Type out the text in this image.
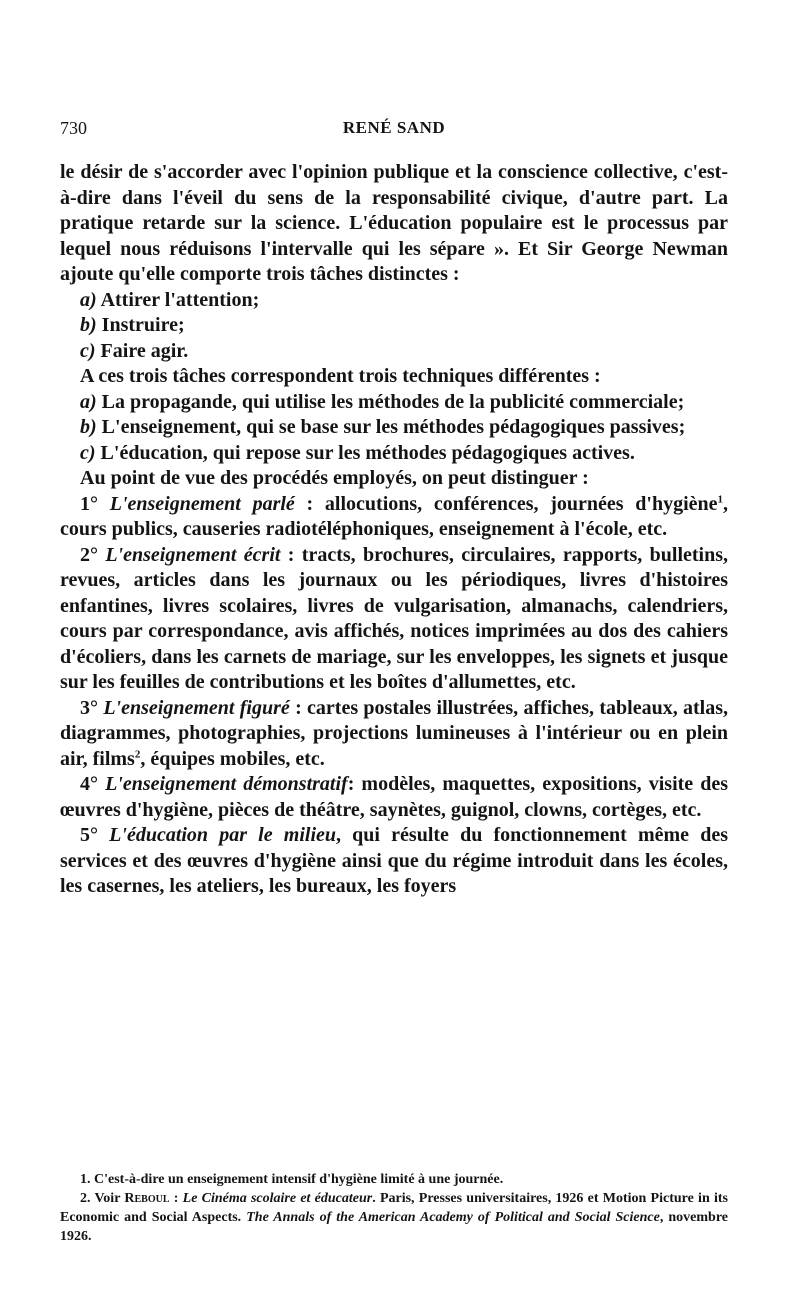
730	RENÉ SAND

le désir de s'accorder avec l'opinion publique et la conscience collective, c'est-à-dire dans l'éveil du sens de la responsabilité civique, d'autre part. La pratique retarde sur la science. L'éducation populaire est le processus par lequel nous réduisons l'intervalle qui les sépare ». Et Sir George Newman ajoute qu'elle comporte trois tâches distinctes :

a) Attirer l'attention;

b) Instruire;

c) Faire agir.

A ces trois tâches correspondent trois techniques différentes :

a) La propagande, qui utilise les méthodes de la publicité commerciale;

b) L'enseignement, qui se base sur les méthodes pédagogiques passives;

c) L'éducation, qui repose sur les méthodes pédagogiques actives.

Au point de vue des procédés employés, on peut distinguer :

1° L'enseignement parlé : allocutions, conférences, journées d'hygiène$^1$, cours publics, causeries radiotéléphoniques, enseignement à l'école, etc.

2° L'enseignement écrit : tracts, brochures, circulaires, rapports, bulletins, revues, articles dans les journaux ou les périodiques, livres d'histoires enfantines, livres scolaires, livres de vulgarisation, almanachs, calendriers, cours par correspondance, avis affichés, notices imprimées au dos des cahiers d'écoliers, dans les carnets de mariage, sur les enveloppes, les signets et jusque sur les feuilles de contributions et les boîtes d'allumettes, etc.

3° L'enseignement figuré : cartes postales illustrées, affiches, tableaux, atlas, diagrammes, photographies, projections lumineuses à l'intérieur ou en plein air, films$^2$, équipes mobiles, etc.

4° L'enseignement démonstratif: modèles, maquettes, expositions, visite des œuvres d'hygiène, pièces de théâtre, saynètes, guignol, clowns, cortèges, etc.

5° L'éducation par le milieu, qui résulte du fonctionnement même des services et des œuvres d'hygiène ainsi que du régime introduit dans les écoles, les casernes, les ateliers, les bureaux, les foyers

1. C'est-à-dire un enseignement intensif d'hygiène limité à une journée.

2. Voir Reboul : Le Cinéma scolaire et éducateur. Paris, Presses universitaires, 1926 et Motion Picture in its Economic and Social Aspects. The Annals of the American Academy of Political and Social Science, novembre 1926.
